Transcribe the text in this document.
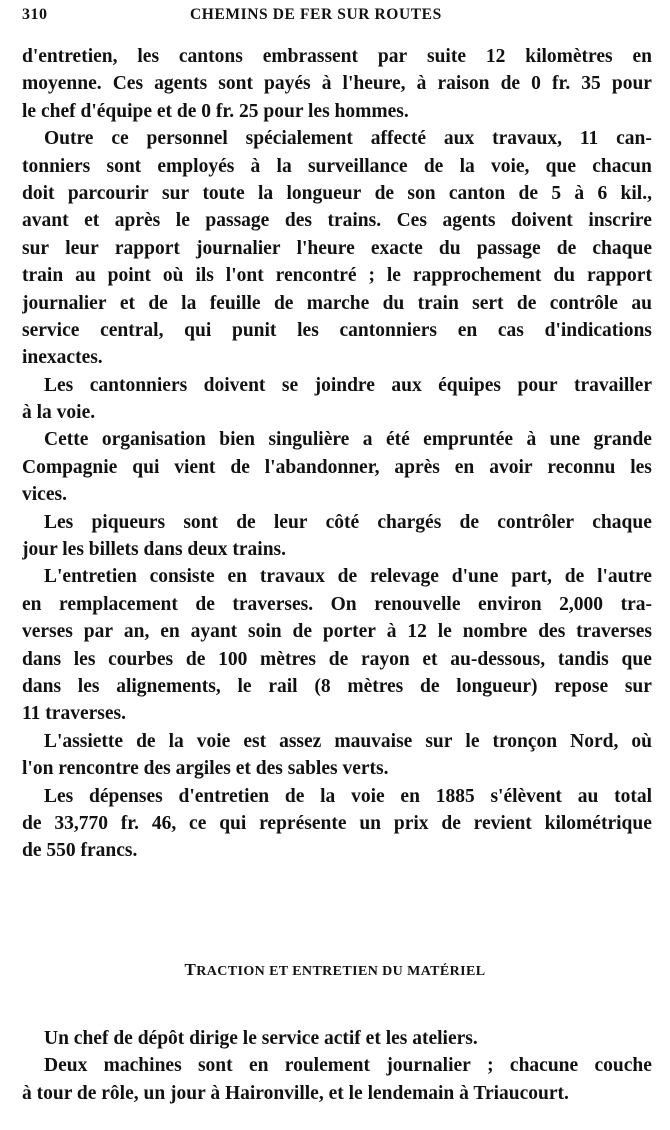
310	CHEMINS DE FER SUR ROUTES
d'entretien, les cantons embrassent par suite 12 kilomètres en
moyenne. Ces agents sont payés à l'heure, à raison de 0 fr. 35 pour
le chef d'équipe et de 0 fr. 25 pour les hommes.
Outre ce personnel spécialement affecté aux travaux, 11 can-
tonniers sont employés à la surveillance de la voie, que chacun
doit parcourir sur toute la longueur de son canton de 5 à 6 kil.,
avant et après le passage des trains. Ces agents doivent inscrire
sur leur rapport journalier l'heure exacte du passage de chaque
train au point où ils l'ont rencontré ; le rapprochement du rapport
journalier et de la feuille de marche du train sert de contrôle au
service central, qui punit les cantonniers en cas d'indications
inexactes.
Les cantonniers doivent se joindre aux équipes pour travailler
à la voie.
Cette organisation bien singulière a été empruntée à une grande
Compagnie qui vient de l'abandonner, après en avoir reconnu les
vices.
Les piqueurs sont de leur côté chargés de contrôler chaque
jour les billets dans deux trains.
L'entretien consiste en travaux de relevage d'une part, de l'autre
en remplacement de traverses. On renouvelle environ 2,000 tra-
verses par an, en ayant soin de porter à 12 le nombre des traverses
dans les courbes de 100 mètres de rayon et au-dessous, tandis que
dans les alignements, le rail (8 mètres de longueur) repose sur
11 traverses.
L'assiette de la voie est assez mauvaise sur le tronçon Nord, où
l'on rencontre des argiles et des sables verts.
Les dépenses d'entretien de la voie en 1885 s'élèvent au total
de 33,770 fr. 46, ce qui représente un prix de revient kilométrique
de 550 francs.
TRACTION ET ENTRETIEN DU MATÉRIEL
Un chef de dépôt dirige le service actif et les ateliers.
Deux machines sont en roulement journalier ; chacune couche
à tour de rôle, un jour à Haironville, et le lendemain à Triaucourt.
